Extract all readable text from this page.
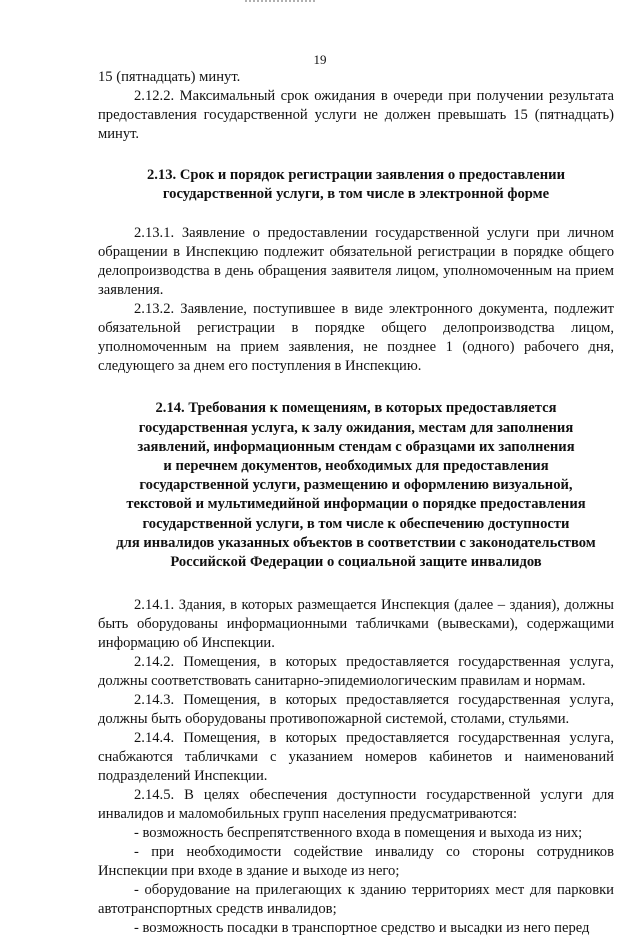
19

15 (пятнадцать) минут.

2.12.2. Максимальный срок ожидания в очереди при получении результата предоставления государственной услуги не должен превышать 15 (пятнадцать) минут.

2.13. Срок и порядок регистрации заявления о предоставлении
государственной услуги, в том числе в электронной форме

2.13.1. Заявление о предоставлении государственной услуги при личном обращении в Инспекцию подлежит обязательной регистрации в порядке общего делопроизводства в день обращения заявителя лицом, уполномоченным на прием заявления.

2.13.2. Заявление, поступившее в виде электронного документа, подлежит обязательной регистрации в порядке общего делопроизводства лицом, уполномоченным на прием заявления, не позднее 1 (одного) рабочего дня, следующего за днем его поступления в Инспекцию.

2.14. Требования к помещениям, в которых предоставляется
государственная услуга, к залу ожидания, местам для заполнения
заявлений, информационным стендам с образцами их заполнения
и перечнем документов, необходимых для предоставления
государственной услуги, размещению и оформлению визуальной,
текстовой и мультимедийной информации о порядке предоставления
государственной услуги, в том числе к обеспечению доступности
для инвалидов указанных объектов в соответствии с законодательством
Российской Федерации о социальной защите инвалидов

2.14.1. Здания, в которых размещается Инспекция (далее – здания), должны быть оборудованы информационными табличками (вывесками), содержащими информацию об Инспекции.

2.14.2. Помещения, в которых предоставляется государственная услуга, должны соответствовать санитарно-эпидемиологическим правилам и нормам.

2.14.3. Помещения, в которых предоставляется государственная услуга, должны быть оборудованы противопожарной системой, столами, стульями.

2.14.4. Помещения, в которых предоставляется государственная услуга, снабжаются табличками с указанием номеров кабинетов и наименований подразделений Инспекции.

2.14.5. В целях обеспечения доступности государственной услуги для инвалидов и маломобильных групп населения предусматриваются:

- возможность беспрепятственного входа в помещения и выхода из них;

- при необходимости содействие инвалиду со стороны сотрудников Инспекции при входе в здание и выходе из него;

- оборудование на прилегающих к зданию территориях мест для парковки автотранспортных средств инвалидов;

- возможность посадки в транспортное средство и высадки из него перед
